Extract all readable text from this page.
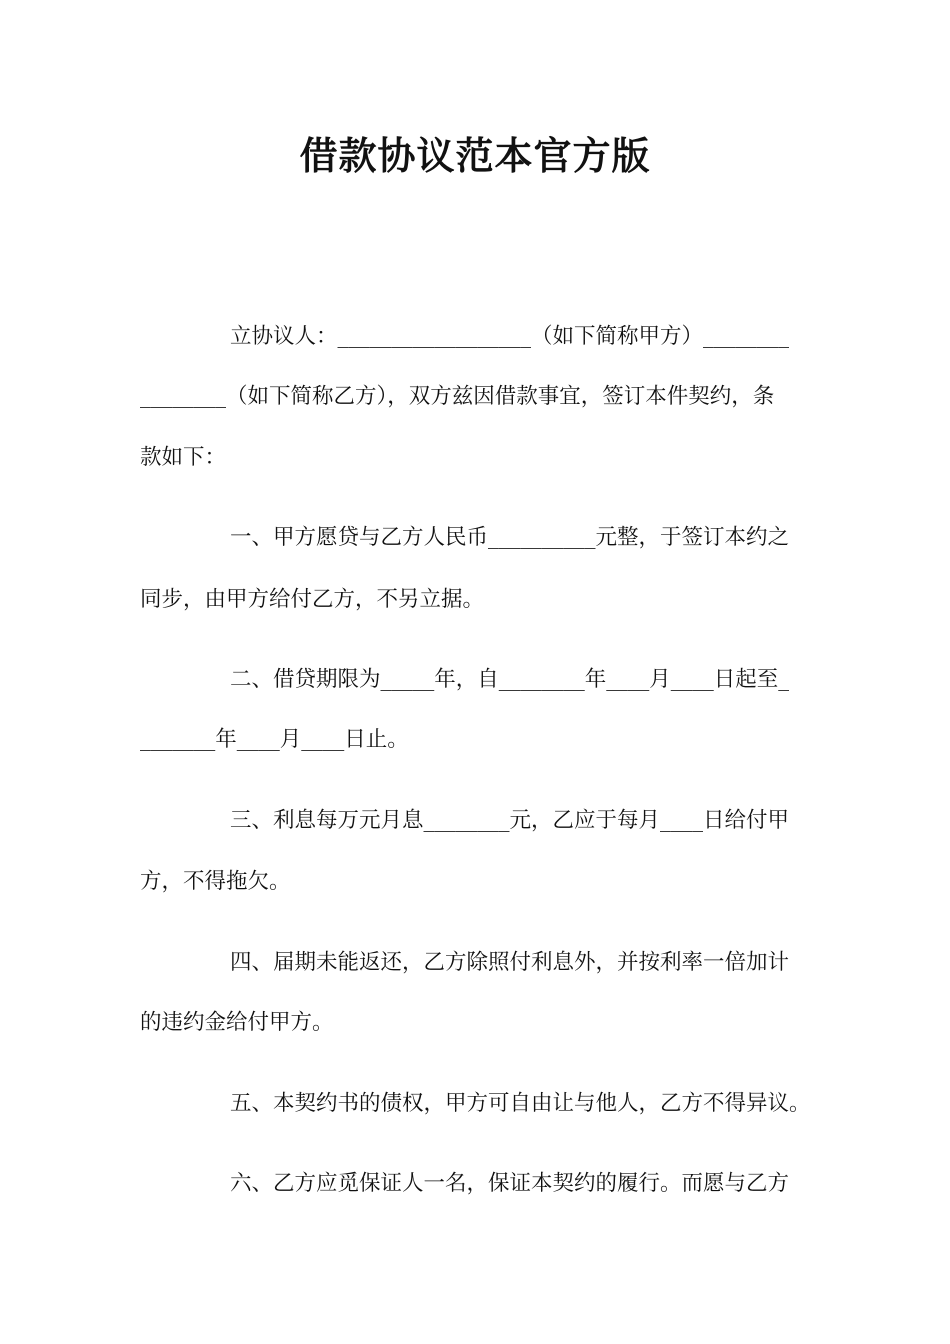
借款协议范本官方版

立协议人：__________________（如下简称甲方）________

________（如下简称乙方），双方兹因借款事宜，签订本件契约，条

款如下：

一、甲方愿贷与乙方人民币__________元整，于签订本约之

同步，由甲方给付乙方，不另立据。

二、借贷期限为_____年，自________年____月____日起至_

_______年____月____日止。

三、利息每万元月息________元，乙应于每月____日给付甲

方，不得拖欠。

四、届期未能返还，乙方除照付利息外，并按利率一倍加计

的违约金给付甲方。

五、本契约书的债权，甲方可自由让与他人，乙方不得异议。

六、乙方应觅保证人一名，保证本契约的履行。而愿与乙方
